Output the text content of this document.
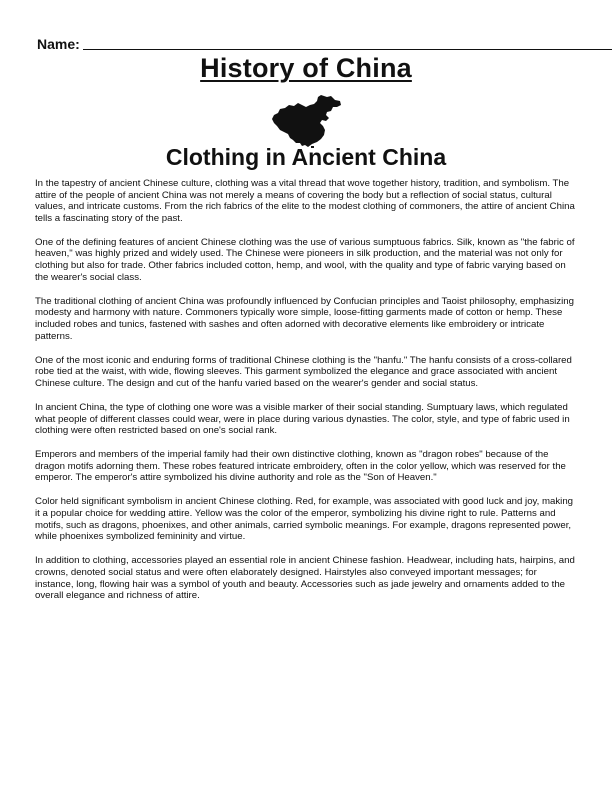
Name:
History of China
Clothing in Ancient China

In the tapestry of ancient Chinese culture, clothing was a vital thread that wove together history, tradition, and symbolism. The attire of the people of ancient China was not merely a means of covering the body but a reflection of social status, cultural values, and intricate customs. From the rich fabrics of the elite to the modest clothing of commoners, the attire of ancient China tells a fascinating story of the past.

One of the defining features of ancient Chinese clothing was the use of various sumptuous fabrics. Silk, known as "the fabric of heaven," was highly prized and widely used. The Chinese were pioneers in silk production, and the material was not only for clothing but also for trade. Other fabrics included cotton, hemp, and wool, with the quality and type of fabric varying based on the wearer's social class.

The traditional clothing of ancient China was profoundly influenced by Confucian principles and Taoist philosophy, emphasizing modesty and harmony with nature. Commoners typically wore simple, loose-fitting garments made of cotton or hemp. These included robes and tunics, fastened with sashes and often adorned with decorative elements like embroidery or intricate patterns.

One of the most iconic and enduring forms of traditional Chinese clothing is the "hanfu." The hanfu consists of a cross-collared robe tied at the waist, with wide, flowing sleeves. This garment symbolized the elegance and grace associated with ancient Chinese culture. The design and cut of the hanfu varied based on the wearer's gender and social status.

In ancient China, the type of clothing one wore was a visible marker of their social standing. Sumptuary laws, which regulated what people of different classes could wear, were in place during various dynasties. The color, style, and type of fabric used in clothing were often restricted based on one's social rank.

Emperors and members of the imperial family had their own distinctive clothing, known as "dragon robes" because of the dragon motifs adorning them. These robes featured intricate embroidery, often in the color yellow, which was reserved for the emperor. The emperor's attire symbolized his divine authority and role as the "Son of Heaven."

Color held significant symbolism in ancient Chinese clothing. Red, for example, was associated with good luck and joy, making it a popular choice for wedding attire. Yellow was the color of the emperor, symbolizing his divine right to rule. Patterns and motifs, such as dragons, phoenixes, and other animals, carried symbolic meanings. For example, dragons represented power, while phoenixes symbolized femininity and virtue.

In addition to clothing, accessories played an essential role in ancient Chinese fashion. Headwear, including hats, hairpins, and crowns, denoted social status and were often elaborately designed. Hairstyles also conveyed important messages; for instance, long, flowing hair was a symbol of youth and beauty. Accessories such as jade jewelry and ornaments added to the overall elegance and richness of attire.
